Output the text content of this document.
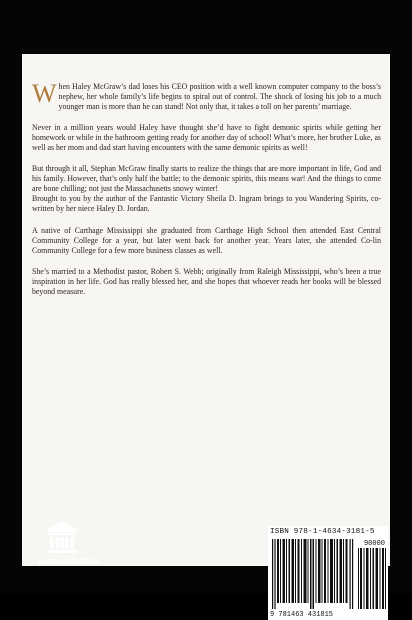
When Haley McGraw’s dad loses his CEO position with a well known computer company to the boss’s nephew, her whole family’s life begins to spiral out of control. The shock of losing his job to a much younger man is more than he can stand! Not only that, it takes a toll on her parents’ marriage.

Never in a million years would Haley have thought she’d have to fight demonic spirits while getting her homework or while in the bathroom getting ready for another day of school! What’s more, her brother Luke, as well as her mom and dad start having encounters with the same demonic spirits as well!

But through it all, Stephan McGraw finally starts to realize the things that are more important in life, God and his family. However, that’s only half the battle; to the demonic spirits, this means war! And the things to come are bone chilling; not just the Massachusetts snowy winter!

Brought to you by the author of the Fantastic Victory Sheila D. Ingram brings to you Wandering Spirits, co-written by her niece Haley D. Jordan.

A native of Carthage Mississippi she graduated from Carthage High School then attended East Central Community College for a year, but later went back for another year. Years later, she attended Co-lin Community College for a few more business classes as well.

She’s married to a Methodist pastor, Robert S. Webb; originally from Raleigh Mississippi, who’s been a true inspiration in her life. God has really blessed her, and she hopes that whoever reads her books will be blessed beyond measure.

ISBN 978-1-4634-3181-5
90000
9 781463 431815
authorHOUSE®
